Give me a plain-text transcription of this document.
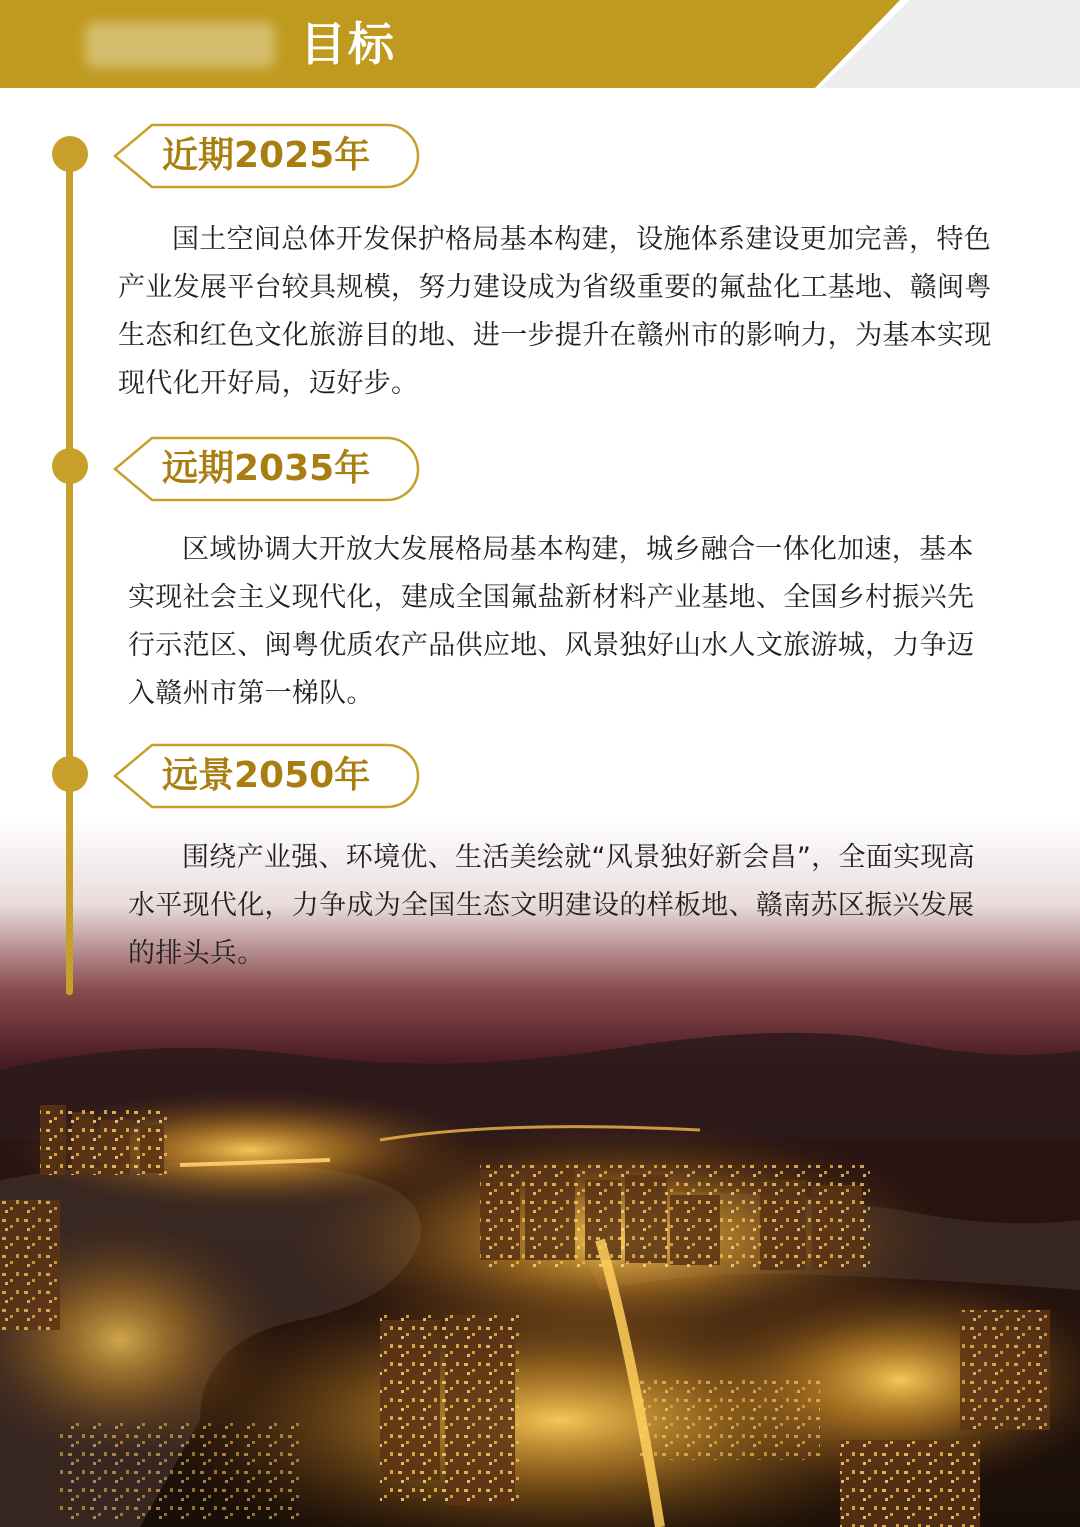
目标
近期2025年
国土空间总体开发保护格局基本构建，设施体系建设更加完善，特色产业发展平台较具规模，努力建设成为省级重要的氟盐化工基地、赣闽粤生态和红色文化旅游目的地、进一步提升在赣州市的影响力，为基本实现现代化开好局，迈好步。
远期2035年
区域协调大开放大发展格局基本构建，城乡融合一体化加速，基本实现社会主义现代化，建成全国氟盐新材料产业基地、全国乡村振兴先行示范区、闽粤优质农产品供应地、风景独好山水人文旅游城，力争迈入赣州市第一梯队。
远景2050年
围绕产业强、环境优、生活美绘就“风景独好新会昌”，全面实现高水平现代化，力争成为全国生态文明建设的样板地、赣南苏区振兴发展的排头兵。
